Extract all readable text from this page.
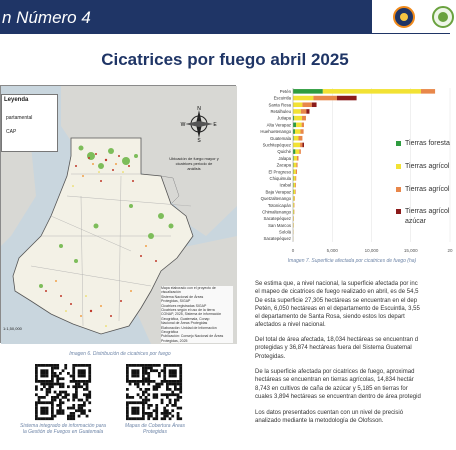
n Número 4
Cicatrices por fuego abril 2025
Leyenda
partamental
CAP
N
E
S
W
Ubicación de fuego mayor y cicatrices periodo de análisis
1:1,50,000
Mapa elaborado con el proyecto de visualización
Sistema Nacional de Áreas
Protegidas, SIGAP
Cicatrices registradas SIGAP
Cicatrices según el uso de la tierra
CONAP, 2025, Sistema de información
Geográfica, Guatemala, Conap
Nacional de Áreas Protegidas
Elaboración: Unidad de Información Geográfica
Publicación: Consejo Nacional de Áreas
Protegidas, 2025
Imagen 6. Distribución de cicatrices por fuego
Sistema integrado de información para la Gestión de Fuegos en Guatemala
Mapas de Cobertura Áreas Protegidas
0	5,000	10,000	15,000	20
Petén
Escuintla
Santa Rosa
Retalhuleu
Jutiapa
Alta Verapaz
Huehuetenango
Guatemala
Suchitepéquez
Quiché
Jalapa
Zacapa
El Progreso
Chiquimula
Izabal
Baja Verapaz
Quetzaltenango
Totonicapán
Chimaltenango
Sacatepéquez
San Marcos
Sololá
Sacatepéquez
Tierras foresta
Tierras agrícol
Tierras agrícol
Tierras agrícol
azúcar
Imagen 7. Superficie afectada por cicatrices de fuego (ha)
Se estima que, a nivel nacional, la superficie afectada por inc
el mapeo de cicatrices de fuego realizado en abril, es de 54,5
De esta superficie 27,305 hectáreas se encuentran en el dep
Petén, 6,050 hectáreas en el departamento de Escuintla, 3,55
el departamento de Santa Rosa, siendo estos los depart
afectados a nivel nacional.
Del total de área afectada, 18,034 hectáreas se encuentran d
protegidas y 36,874 hectáreas fuera del Sistema Guatemal
Protegidas.
De la superficie afectada por cicatrices de fuego, aproximad
hectáreas se encuentran en tierras agrícolas, 14,834 hectár
8,743 en cultivos de caña de azúcar y 5,185 en tierras for
cuales 3,894 hectáreas se encuentran dentro de área protegid
Los datos presentados cuentan con un nivel de precisió
analizado mediante la metodología de Olofsson.
